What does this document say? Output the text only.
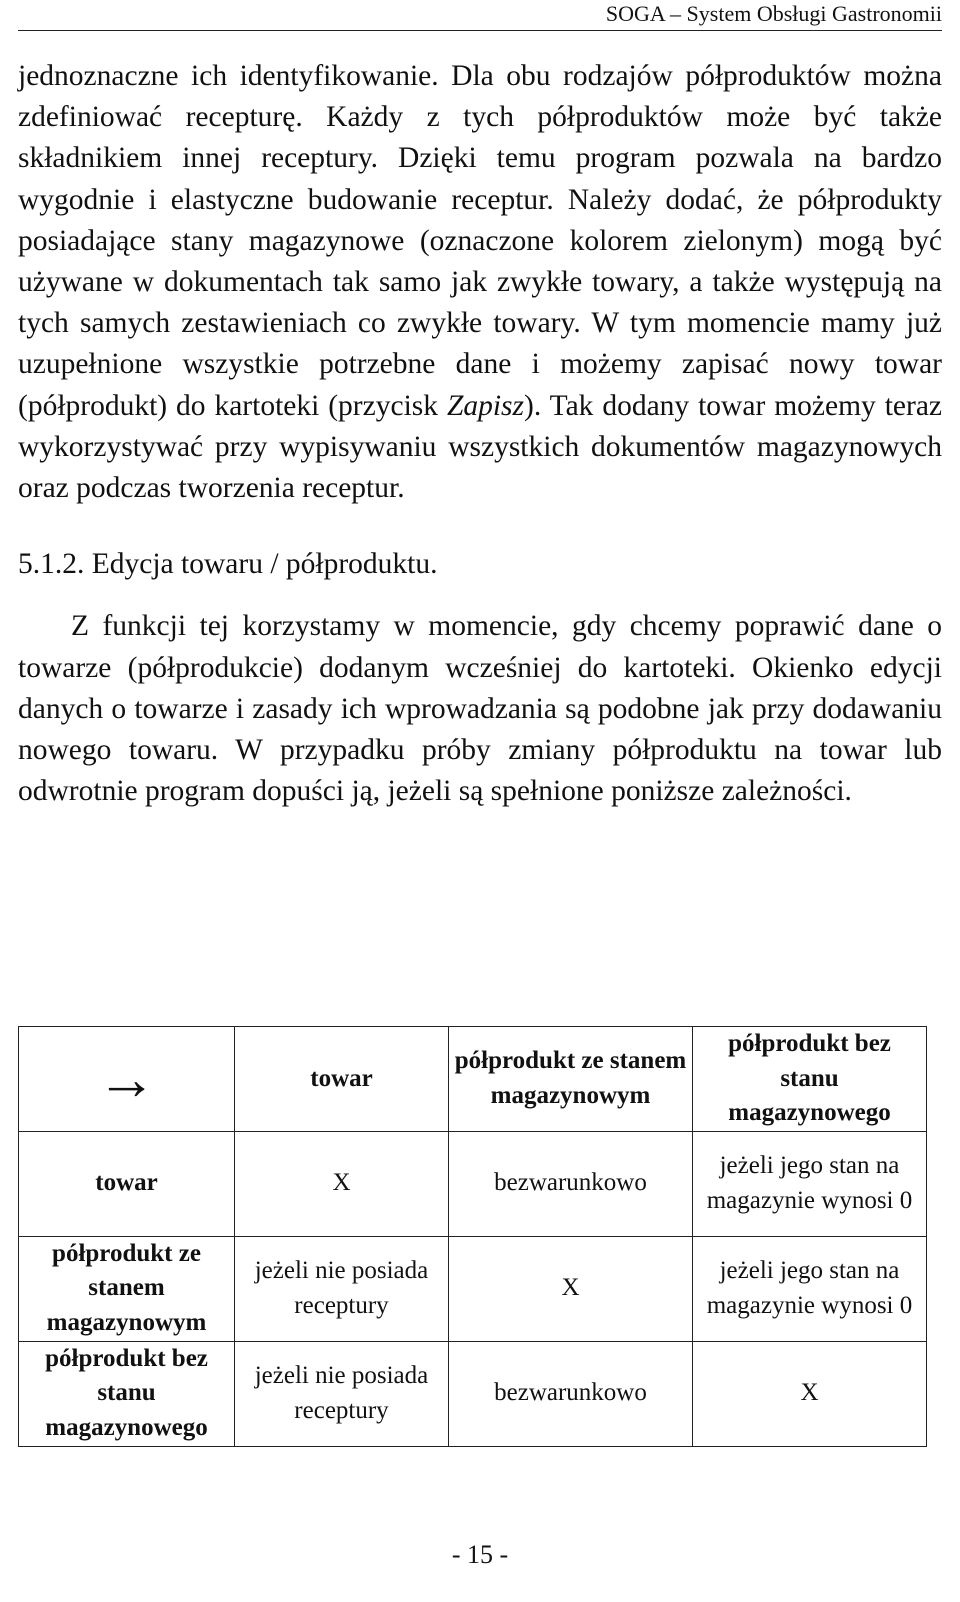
SOGA – System Obsługi Gastronomii

jednoznaczne ich identyfikowanie. Dla obu rodzajów półproduktów można zdefiniować recepturę. Każdy z tych półproduktów może być także składnikiem innej receptury. Dzięki temu program pozwala na bardzo wygodnie i elastyczne budowanie receptur. Należy dodać, że półprodukty posiadające stany magazynowe (oznaczone kolorem zielonym) mogą być używane w dokumentach tak samo jak zwykłe towary, a także występują na tych samych zestawieniach co zwykłe towary. W tym momencie mamy już uzupełnione wszystkie potrzebne dane i możemy zapisać nowy towar (półprodukt) do kartoteki (przycisk Zapisz). Tak dodany towar możemy teraz wykorzystywać przy wypisywaniu wszystkich dokumentów magazynowych oraz podczas tworzenia receptur.

5.1.2. Edycja towaru / półproduktu.

Z funkcji tej korzystamy w momencie, gdy chcemy poprawić dane o towarze (półprodukcie) dodanym wcześniej do kartoteki. Okienko edycji danych o towarze i zasady ich wprowadzania są podobne jak przy dodawaniu nowego towaru. W przypadku próby zmiany półproduktu na towar lub odwrotnie program dopuści ją, jeżeli są spełnione poniższe zależności.

→	towar	półprodukt ze stanem magazynowym	półprodukt bez stanu magazynowego
towar	X	bezwarunkowo	jeżeli jego stan na magazynie wynosi 0
półprodukt ze stanem magazynowym	jeżeli nie posiada receptury	X	jeżeli jego stan na magazynie wynosi 0
półprodukt bez stanu magazynowego	jeżeli nie posiada receptury	bezwarunkowo	X
- 15 -
